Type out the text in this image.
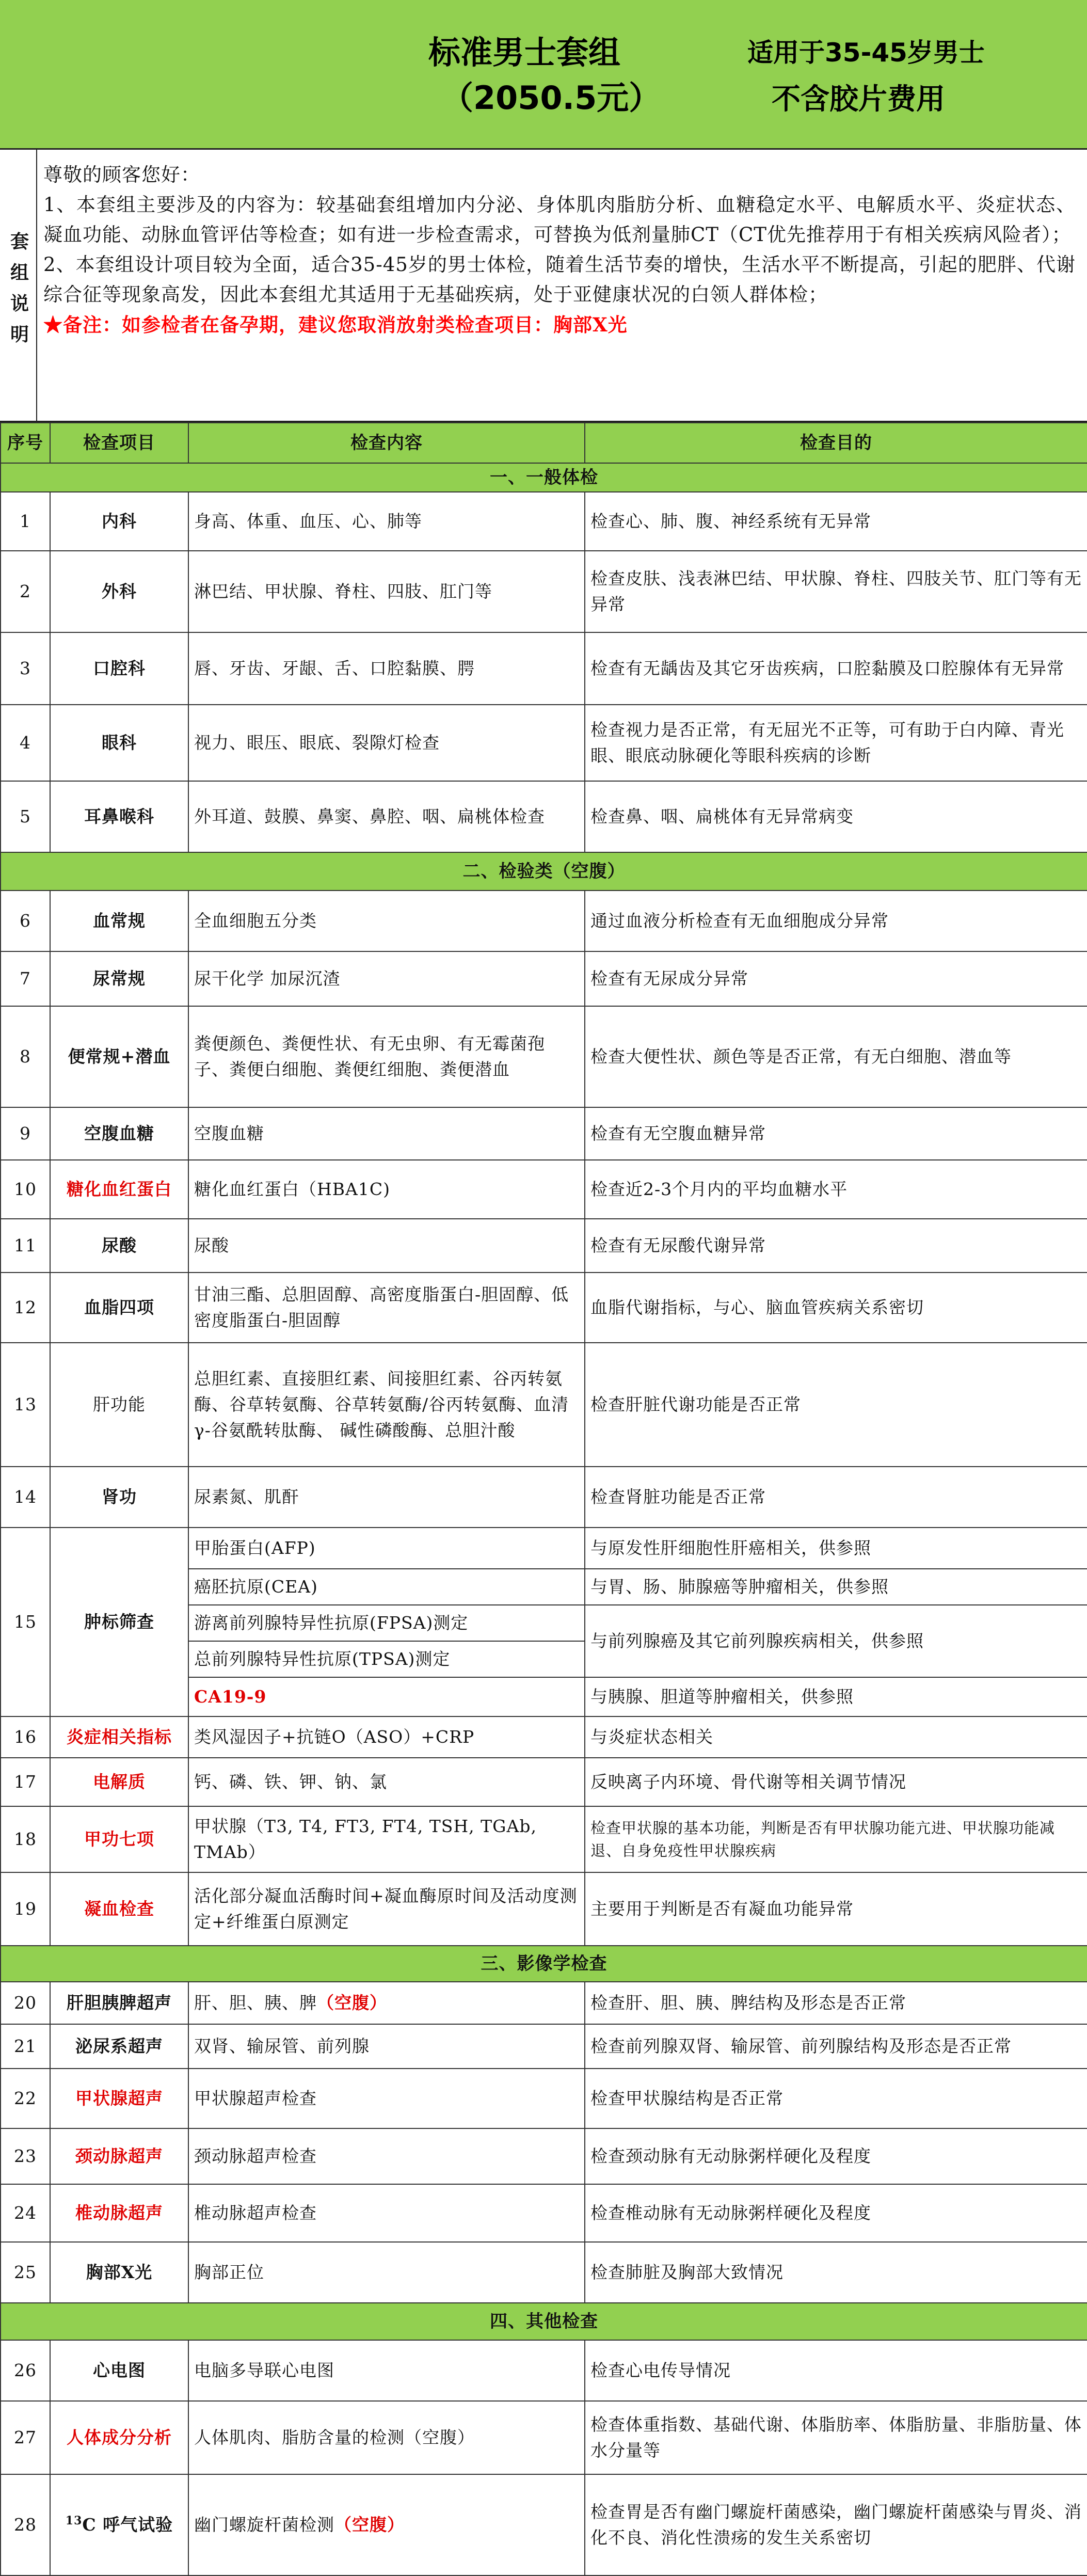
标准男士套组
（2050.5元）
适用于35-45岁男士
不含胶片费用
套
组
说
明

尊敬的顾客您好：

1、本套组主要涉及的内容为：较基础套组增加内分泌、身体肌肉脂肪分析、血糖稳定水平、电解质水平、炎症状态、凝血功能、动脉血管评估等检查；如有进一步检查需求，可替换为低剂量肺CT（CT优先推荐用于有相关疾病风险者）；

2、本套组设计项目较为全面，适合35-45岁的男士体检，随着生活节奏的增快，生活水平不断提高，引起的肥胖、代谢综合征等现象高发，因此本套组尤其适用于无基础疾病，处于亚健康状况的白领人群体检；

★备注：如参检者在备孕期，建议您取消放射类检查项目：胸部X光

序号	检查项目	检查内容	检查目的
一、一般体检			
1	内科	身高、体重、血压、心、肺等	检查心、肺、腹、神经系统有无异常
2	外科	淋巴结、甲状腺、脊柱、四肢、肛门等	检查皮肤、浅表淋巴结、甲状腺、脊柱、四肢关节、肛门等有无异常
3	口腔科	唇、牙齿、牙龈、舌、口腔黏膜、腭	检查有无龋齿及其它牙齿疾病，口腔黏膜及口腔腺体有无异常
4	眼科	视力、眼压、眼底、裂隙灯检查	检查视力是否正常，有无屈光不正等，可有助于白内障、青光眼、眼底动脉硬化等眼科疾病的诊断
5	耳鼻喉科	外耳道、鼓膜、鼻窦、鼻腔、咽、扁桃体检查	检查鼻、咽、扁桃体有无异常病变
二、检验类（空腹）			
6	血常规	全血细胞五分类	通过血液分析检查有无血细胞成分异常
7	尿常规	尿干化学 加尿沉渣	检查有无尿成分异常
8	便常规+潜血	粪便颜色、粪便性状、有无虫卵、有无霉菌孢子、粪便白细胞、粪便红细胞、粪便潜血	检查大便性状、颜色等是否正常，有无白细胞、潜血等
9	空腹血糖	空腹血糖	检查有无空腹血糖异常
10	糖化血红蛋白	糖化血红蛋白（HBA1C)	检查近2-3个月内的平均血糖水平
11	尿酸	尿酸	检查有无尿酸代谢异常
12	血脂四项	甘油三酯、总胆固醇、高密度脂蛋白-胆固醇、低密度脂蛋白-胆固醇	血脂代谢指标，与心、脑血管疾病关系密切
13	肝功能	总胆红素、直接胆红素、间接胆红素、谷丙转氨酶、谷草转氨酶、谷草转氨酶/谷丙转氨酶、血清γ-谷氨酰转肽酶、 碱性磷酸酶、总胆汁酸	检查肝脏代谢功能是否正常
14	肾功	尿素氮、肌酐	检查肾脏功能是否正常
15	肿标筛查	甲胎蛋白(AFP)	与原发性肝细胞性肝癌相关，供参照
		癌胚抗原(CEA)	与胃、肠、肺腺癌等肿瘤相关，供参照
		游离前列腺特异性抗原(FPSA)测定	与前列腺癌及其它前列腺疾病相关，供参照
		总前列腺特异性抗原(TPSA)测定	
		CA19-9	与胰腺、胆道等肿瘤相关，供参照
16	炎症相关指标	类风湿因子+抗链O（ASO）+CRP	与炎症状态相关
17	电解质	钙、磷、铁、钾、钠、氯	反映离子内环境、骨代谢等相关调节情况
18	甲功七项	甲状腺（T3, T4, FT3, FT4, TSH, TGAb, TMAb）	检查甲状腺的基本功能，判断是否有甲状腺功能亢进、甲状腺功能减退、自身免疫性甲状腺疾病
19	凝血检查	活化部分凝血活酶时间+凝血酶原时间及活动度测定+纤维蛋白原测定	主要用于判断是否有凝血功能异常
三、影像学检查			
20	肝胆胰脾超声	肝、胆、胰、脾（空腹）	检查肝、胆、胰、脾结构及形态是否正常
21	泌尿系超声	双肾、输尿管、前列腺	检查前列腺双肾、输尿管、前列腺结构及形态是否正常
22	甲状腺超声	甲状腺超声检查	检查甲状腺结构是否正常
23	颈动脉超声	颈动脉超声检查	检查颈动脉有无动脉粥样硬化及程度
24	椎动脉超声	椎动脉超声检查	检查椎动脉有无动脉粥样硬化及程度
25	胸部X光	胸部正位	检查肺脏及胸部大致情况
四、其他检查			
26	心电图	电脑多导联心电图	检查心电传导情况
27	人体成分分析	人体肌肉、脂肪含量的检测（空腹）	检查体重指数、基础代谢、体脂肪率、体脂肪量、非脂肪量、体水分量等
28	$^{13}$C 呼气试验	幽门螺旋杆菌检测（空腹）	检查胃是否有幽门螺旋杆菌感染，幽门螺旋杆菌感染与胃炎、消化不良、消化性溃疡的发生关系密切
